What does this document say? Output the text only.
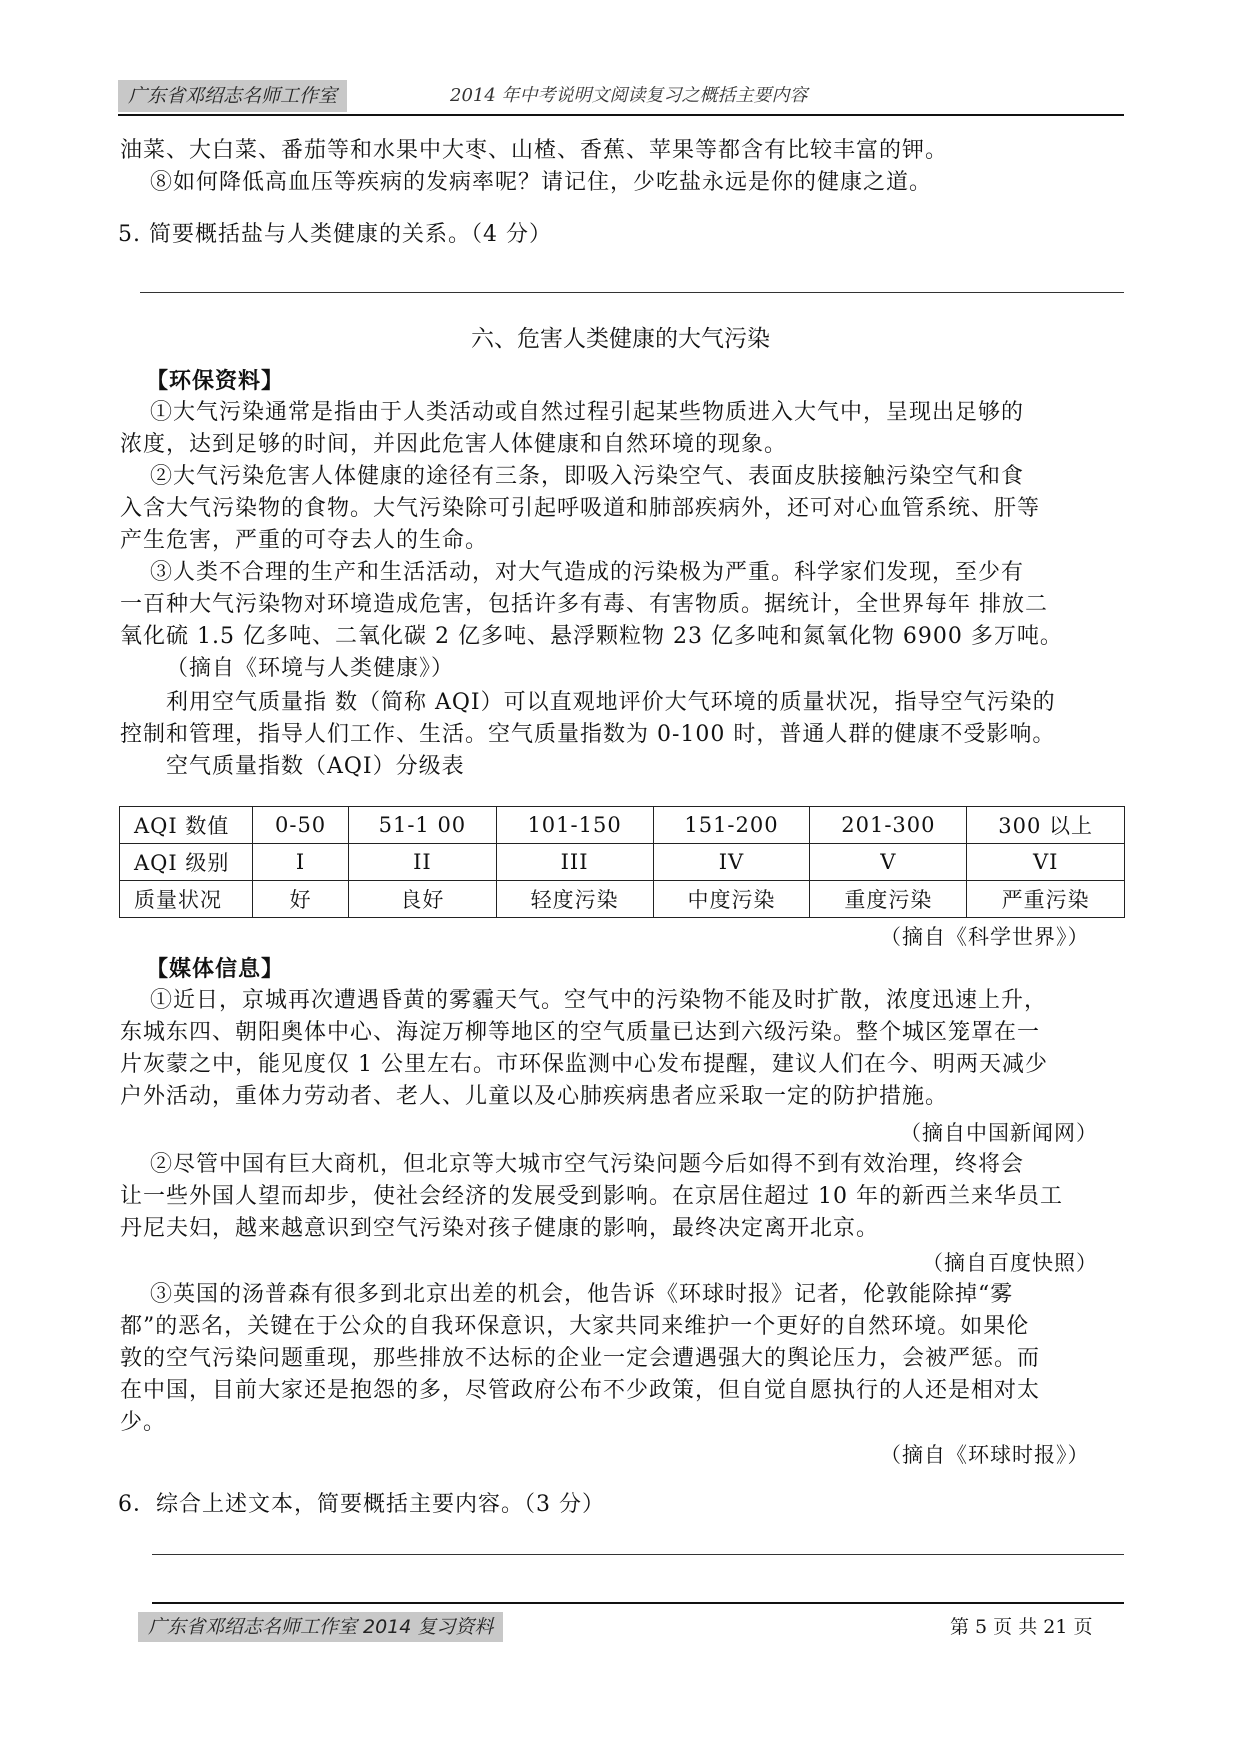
广东省邓绍志名师工作室	2014 年中考说明文阅读复习之概括主要内容
油菜、大白菜、番茄等和水果中大枣、山楂、香蕉、苹果等都含有比较丰富的钾。
⑧如何降低高血压等疾病的发病率呢？请记住，少吃盐永远是你的健康之道。
5. 简要概括盐与人类健康的关系。（4 分）
六、危害人类健康的大气污染
【环保资料】
①大气污染通常是指由于人类活动或自然过程引起某些物质进入大气中，呈现出足够的
浓度，达到足够的时间，并因此危害人体健康和自然环境的现象。
②大气污染危害人体健康的途径有三条，即吸入污染空气、表面皮肤接触污染空气和食
入含大气污染物的食物。大气污染除可引起呼吸道和肺部疾病外，还可对心血管系统、肝等
产生危害，严重的可夺去人的生命。
③人类不合理的生产和生活活动，对大气造成的污染极为严重。科学家们发现，至少有
一百种大气污染物对环境造成危害，包括许多有毒、有害物质。据统计，全世界每年 排放二
氧化硫 1.5 亿多吨、二氧化碳 2 亿多吨、悬浮颗粒物 23 亿多吨和氮氧化物 6900 多万吨。
（摘自《环境与人类健康》）
利用空气质量指 数（简称 AQI）可以直观地评价大气环境的质量状况，指导空气污染的
控制和管理，指导人们工作、生活。空气质量指数为 0-100 时，普通人群的健康不受影响。
空气质量指数（AQI）分级表
AQI 数值	0-50	51-1 00	101-150	151-200	201-300	300 以上
AQI 级别	I	II	III	IV	V	VI
质量状况	好	良好	轻度污染	中度污染	重度污染	严重污染
（摘自《科学世界》）
【媒体信息】
①近日，京城再次遭遇昏黄的雾霾天气。空气中的污染物不能及时扩散，浓度迅速上升，
东城东四、朝阳奥体中心、海淀万柳等地区的空气质量已达到六级污染。整个城区笼罩在一
片灰蒙之中，能见度仅 1 公里左右。市环保监测中心发布提醒，建议人们在今、明两天减少
户外活动，重体力劳动者、老人、儿童以及心肺疾病患者应采取一定的防护措施。
（摘自中国新闻网）
②尽管中国有巨大商机，但北京等大城市空气污染问题今后如得不到有效治理，终将会
让一些外国人望而却步，使社会经济的发展受到影响。在京居住超过 10 年的新西兰来华员工
丹尼夫妇，越来越意识到空气污染对孩子健康的影响，最终决定离开北京。
（摘自百度快照）
③英国的汤普森有很多到北京出差的机会，他告诉《环球时报》记者，伦敦能除掉“雾
都”的恶名，关键在于公众的自我环保意识，大家共同来维护一个更好的自然环境。如果伦
敦的空气污染问题重现，那些排放不达标的企业一定会遭遇强大的舆论压力，会被严惩。而
在中国，目前大家还是抱怨的多，尽管政府公布不少政策，但自觉自愿执行的人还是相对太
少。
（摘自《环球时报》）
6．综合上述文本，简要概括主要内容。（3 分）
广东省邓绍志名师工作室 2014 复习资料	第 5 页 共 21 页
